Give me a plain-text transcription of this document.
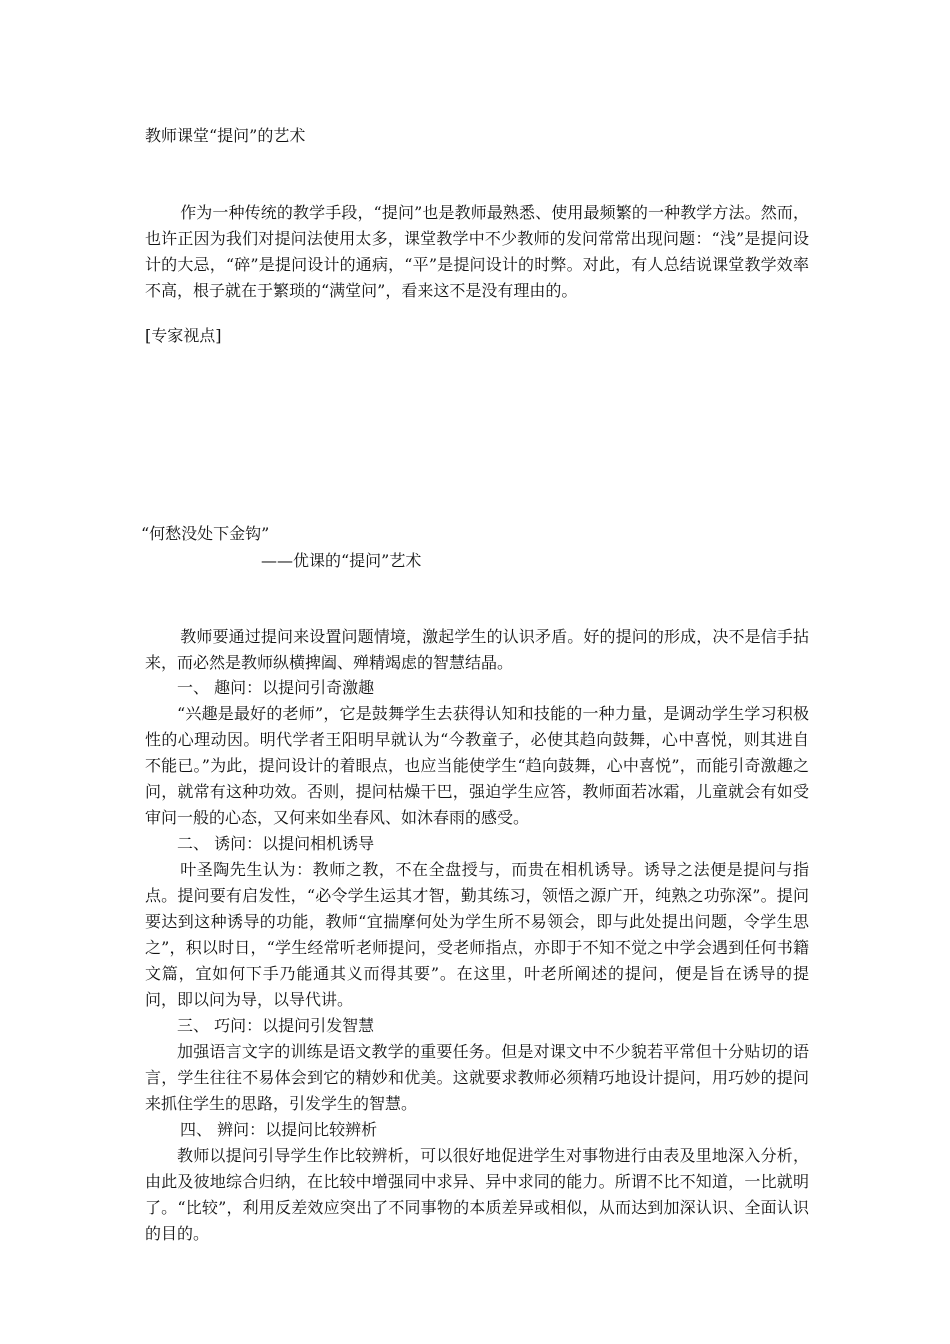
教师课堂“提问”的艺术

作为一种传统的教学手段，“提问”也是教师最熟悉、使用最频繁的一种教学方法。然而，也许正因为我们对提问法使用太多，课堂教学中不少教师的发问常常出现问题：“浅”是提问设计的大忌，“碎”是提问设计的通病，“平”是提问设计的时弊。对此，有人总结说课堂教学效率不高，根子就在于繁琐的“满堂问”，看来这不是没有理由的。

[专家视点]
“何愁没处下金钩”
——优课的“提问”艺术

教师要通过提问来设置问题情境，激起学生的认识矛盾。好的提问的形成，决不是信手拈来，而必然是教师纵横捭阖、殚精竭虑的智慧结晶。

一、 趣问：以提问引奇激趣

“兴趣是最好的老师”，它是鼓舞学生去获得认知和技能的一种力量，是调动学生学习积极性的心理动因。明代学者王阳明早就认为“今教童子，必使其趋向鼓舞，心中喜悦，则其进自不能已。”为此，提问设计的着眼点，也应当能使学生“趋向鼓舞，心中喜悦”，而能引奇激趣之问，就常有这种功效。否则，提问枯燥干巴，强迫学生应答，教师面若冰霜，儿童就会有如受审问一般的心态，又何来如坐春风、如沐春雨的感受。

二、 诱问：以提问相机诱导

叶圣陶先生认为：教师之教，不在全盘授与，而贵在相机诱导。诱导之法便是提问与指点。提问要有启发性，“必令学生运其才智，勤其练习，领悟之源广开，纯熟之功弥深”。提问要达到这种诱导的功能，教师“宜揣摩何处为学生所不易领会，即与此处提出问题，令学生思之”，积以时日，“学生经常听老师提问，受老师指点，亦即于不知不觉之中学会遇到任何书籍文篇，宜如何下手乃能通其义而得其要”。在这里，叶老所阐述的提问，便是旨在诱导的提问，即以问为导，以导代讲。

三、 巧问：以提问引发智慧

加强语言文字的训练是语文教学的重要任务。但是对课文中不少貌若平常但十分贴切的语言，学生往往不易体会到它的精妙和优美。这就要求教师必须精巧地设计提问，用巧妙的提问来抓住学生的思路，引发学生的智慧。

四、 辨问：以提问比较辨析

教师以提问引导学生作比较辨析，可以很好地促进学生对事物进行由表及里地深入分析，由此及彼地综合归纳，在比较中增强同中求异、异中求同的能力。所谓不比不知道，一比就明了。“比较”，利用反差效应突出了不同事物的本质差异或相似，从而达到加深认识、全面认识的目的。
